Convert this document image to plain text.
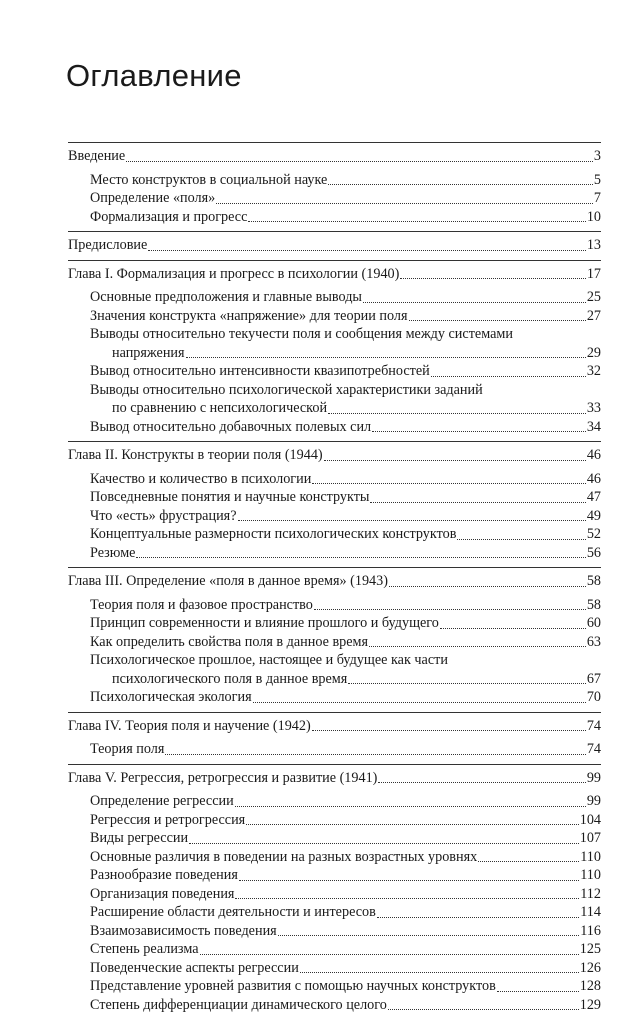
Оглавление
Введение	3
Место конструктов в социальной науке	5
Определение «поля»	7
Формализация и прогресс	10
Предисловие	13
Глава I. Формализация и прогресс в психологии (1940)	17
Основные предположения и главные выводы	25
Значения конструкта «напряжение» для теории поля	27
Выводы относительно текучести поля и сообщения между системами
напряжения	29
Вывод относительно интенсивности квазипотребностей	32
Выводы относительно психологической характеристики заданий
по сравнению с непсихологической	33
Вывод относительно добавочных полевых сил	34
Глава II. Конструкты в теории поля (1944)	46
Качество и количество в психологии	46
Повседневные понятия и научные конструкты	47
Что «есть» фрустрация?	49
Концептуальные размерности психологических конструктов	52
Резюме	56
Глава III. Определение «поля в данное время» (1943)	58
Теория поля и фазовое пространство	58
Принцип современности и влияние прошлого и будущего	60
Как определить свойства поля в данное время	63
Психологическое прошлое, настоящее и будущее как части
психологического поля в данное время	67
Психологическая экология	70
Глава IV. Теория поля и научение (1942)	74
Теория поля	74
Глава V. Регрессия, ретрогрессия и развитие (1941)	99
Определение регрессии	99
Регрессия и ретрогрессия	104
Виды регрессии	107
Основные различия в поведении на разных возрастных уровнях	110
Разнообразие поведения	110
Организация поведения	112
Расширение области деятельности и интересов	114
Взаимозависимость поведения	116
Степень реализма	125
Поведенческие аспекты регрессии	126
Представление уровней развития с помощью научных конструктов	128
Степень дифференциации динамического целого	129
